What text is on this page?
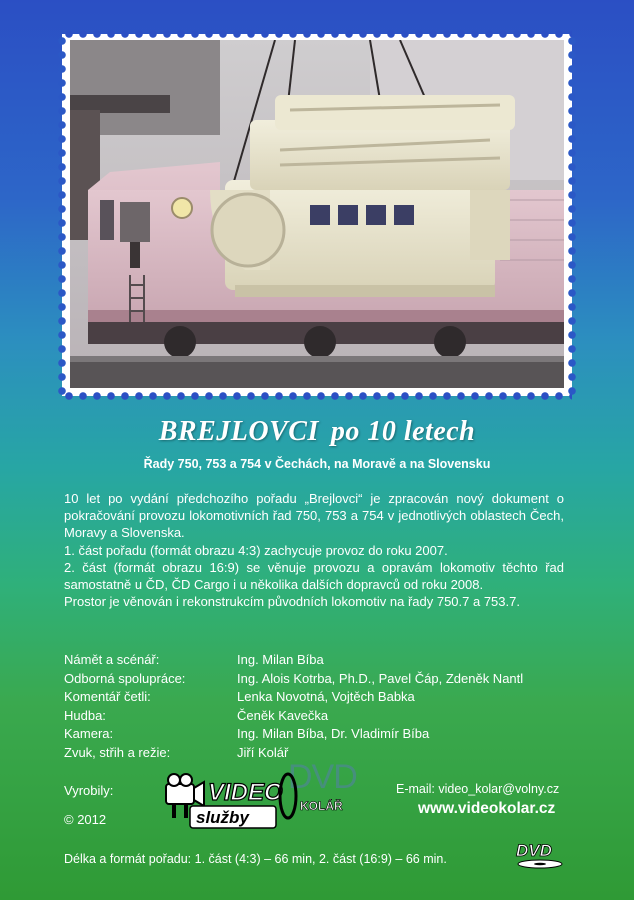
BREJLOVCI po 10 letech
Řady 750, 753 a 754 v Čechách, na Moravě a na Slovensku

10 let po vydání předchozího pořadu „Brejlovci“ je zpracován nový dokument o pokračování provozu lokomotivních řad 750, 753 a 754 v jednotlivých oblastech Čech, Moravy a Slovenska.

1. část pořadu (formát obrazu 4:3) zachycuje provoz do roku 2007.

2. část (formát obrazu 16:9) se věnuje provozu a opravám lokomotiv těchto řad samostatně u ČD, ČD Cargo i u několika dalších dopravců od roku 2008.

Prostor je věnován i rekonstrukcím původních lokomotiv na řady 750.7 a 753.7.

Námět a scénář:	Ing. Milan Bíba
Odborná spolupráce:	Ing. Alois Kotrba, Ph.D., Pavel Čáp, Zdeněk Nantl
Komentář četli:	Lenka Novotná, Vojtěch Babka
Hudba:	Čeněk Kavečka
Kamera:	Ing. Milan Bíba, Dr. Vladimír Bíba
Zvuk, střih a režie:	Jiří Kolář
Vyrobily:
© 2012
DVD
VIDEO
služby
KOLÁŘ
E-mail: video_kolar@volny.cz
www.videokolar.cz
Délka a formát pořadu: 1. část (4:3) – 66 min, 2. část (16:9) – 66 min.	DVD
